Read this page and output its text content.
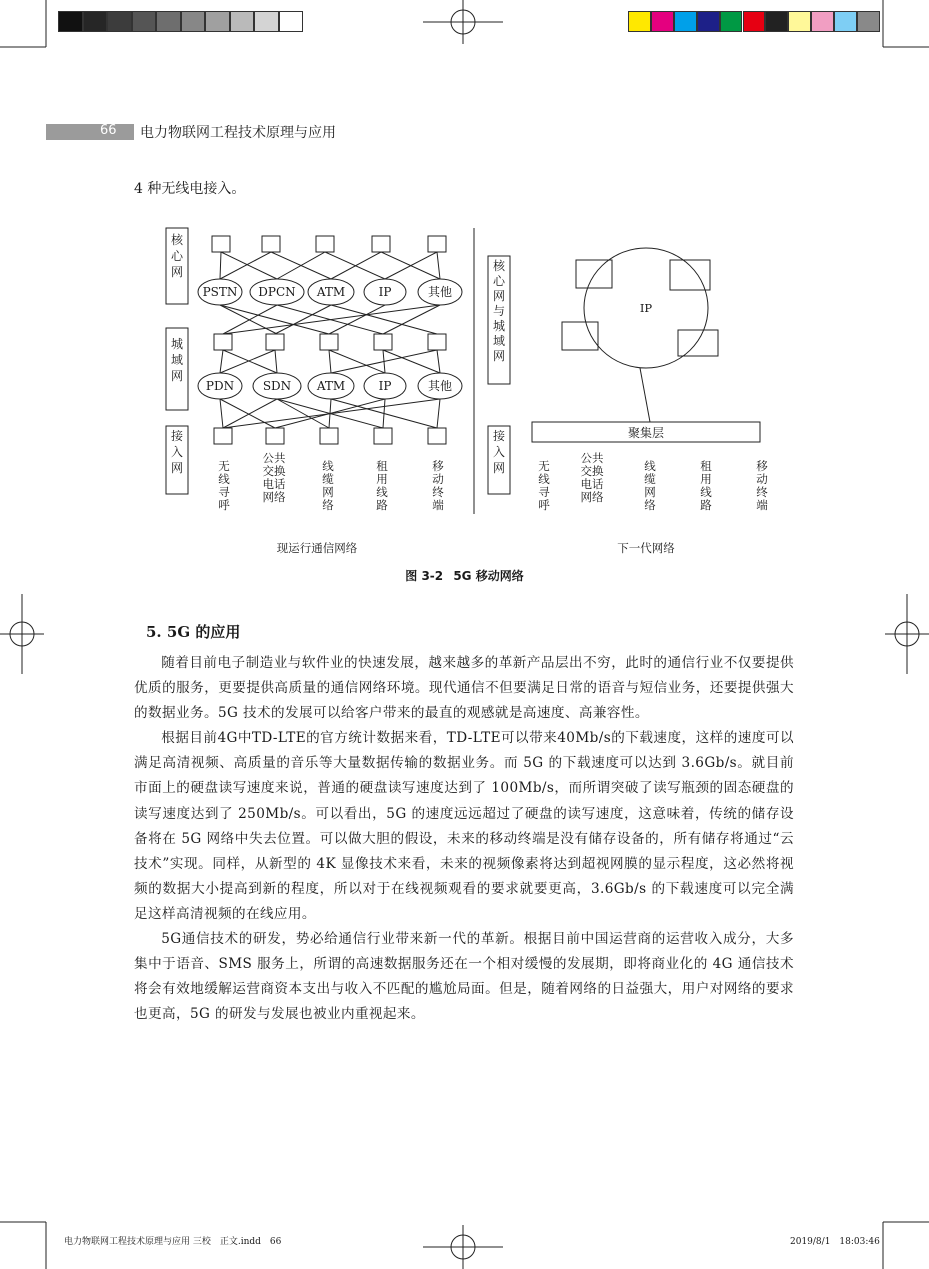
66 电力物联网工程技术原理与应用
4 种无线电接入。
核心网
城域网
接入网
PSTN DPCN ATM	IP	其他
PDN SDN ATM	IP	其他
现运行通信网络
无线寻呼
公共交换电话网络
线缆网络
租用线路
移动终端
核心网与城域网
接入网
IP
聚集层
无线寻呼
公共交换电话网络
线缆网络
租用线路
移动终端
下一代网络
图 3-2 5G 移动网络
5. 5G 的应用

随着目前电子制造业与软件业的快速发展，越来越多的革新产品层出不穷，此时的通信行业不仅要提供优质的服务，更要提供高质量的通信网络环境。现代通信不但要满足日常的语音与短信业务，还要提供强大的数据业务。5G 技术的发展可以给客户带来的最直的观感就是高速度、高兼容性。

根据目前4G中TD-LTE的官方统计数据来看，TD-LTE可以带来40Mb/s的下载速度，这样的速度可以满足高清视频、高质量的音乐等大量数据传输的数据业务。而 5G 的下载速度可以达到 3.6Gb/s。就目前市面上的硬盘读写速度来说，普通的硬盘读写速度达到了 100Mb/s，而所谓突破了读写瓶颈的固态硬盘的读写速度达到了 250Mb/s。可以看出，5G 的速度远远超过了硬盘的读写速度，这意味着，传统的储存设备将在 5G 网络中失去位置。可以做大胆的假设，未来的移动终端是没有储存设备的，所有储存将通过“云技术”实现。同样，从新型的 4K 显像技术来看，未来的视频像素将达到超视网膜的显示程度，这必然将视频的数据大小提高到新的程度，所以对于在线视频观看的要求就要更高，3.6Gb/s 的下载速度可以完全满足这样高清视频的在线应用。

5G通信技术的研发，势必给通信行业带来新一代的革新。根据目前中国运营商的运营收入成分，大多集中于语音、SMS 服务上，所谓的高速数据服务还在一个相对缓慢的发展期，即将商业化的 4G 通信技术将会有效地缓解运营商资本支出与收入不匹配的尴尬局面。但是，随着网络的日益强大，用户对网络的要求也更高，5G 的研发与发展也被业内重视起来。

电力物联网工程技术原理与应用 三校　正文.indd　66	2019/8/1　18:03:46
